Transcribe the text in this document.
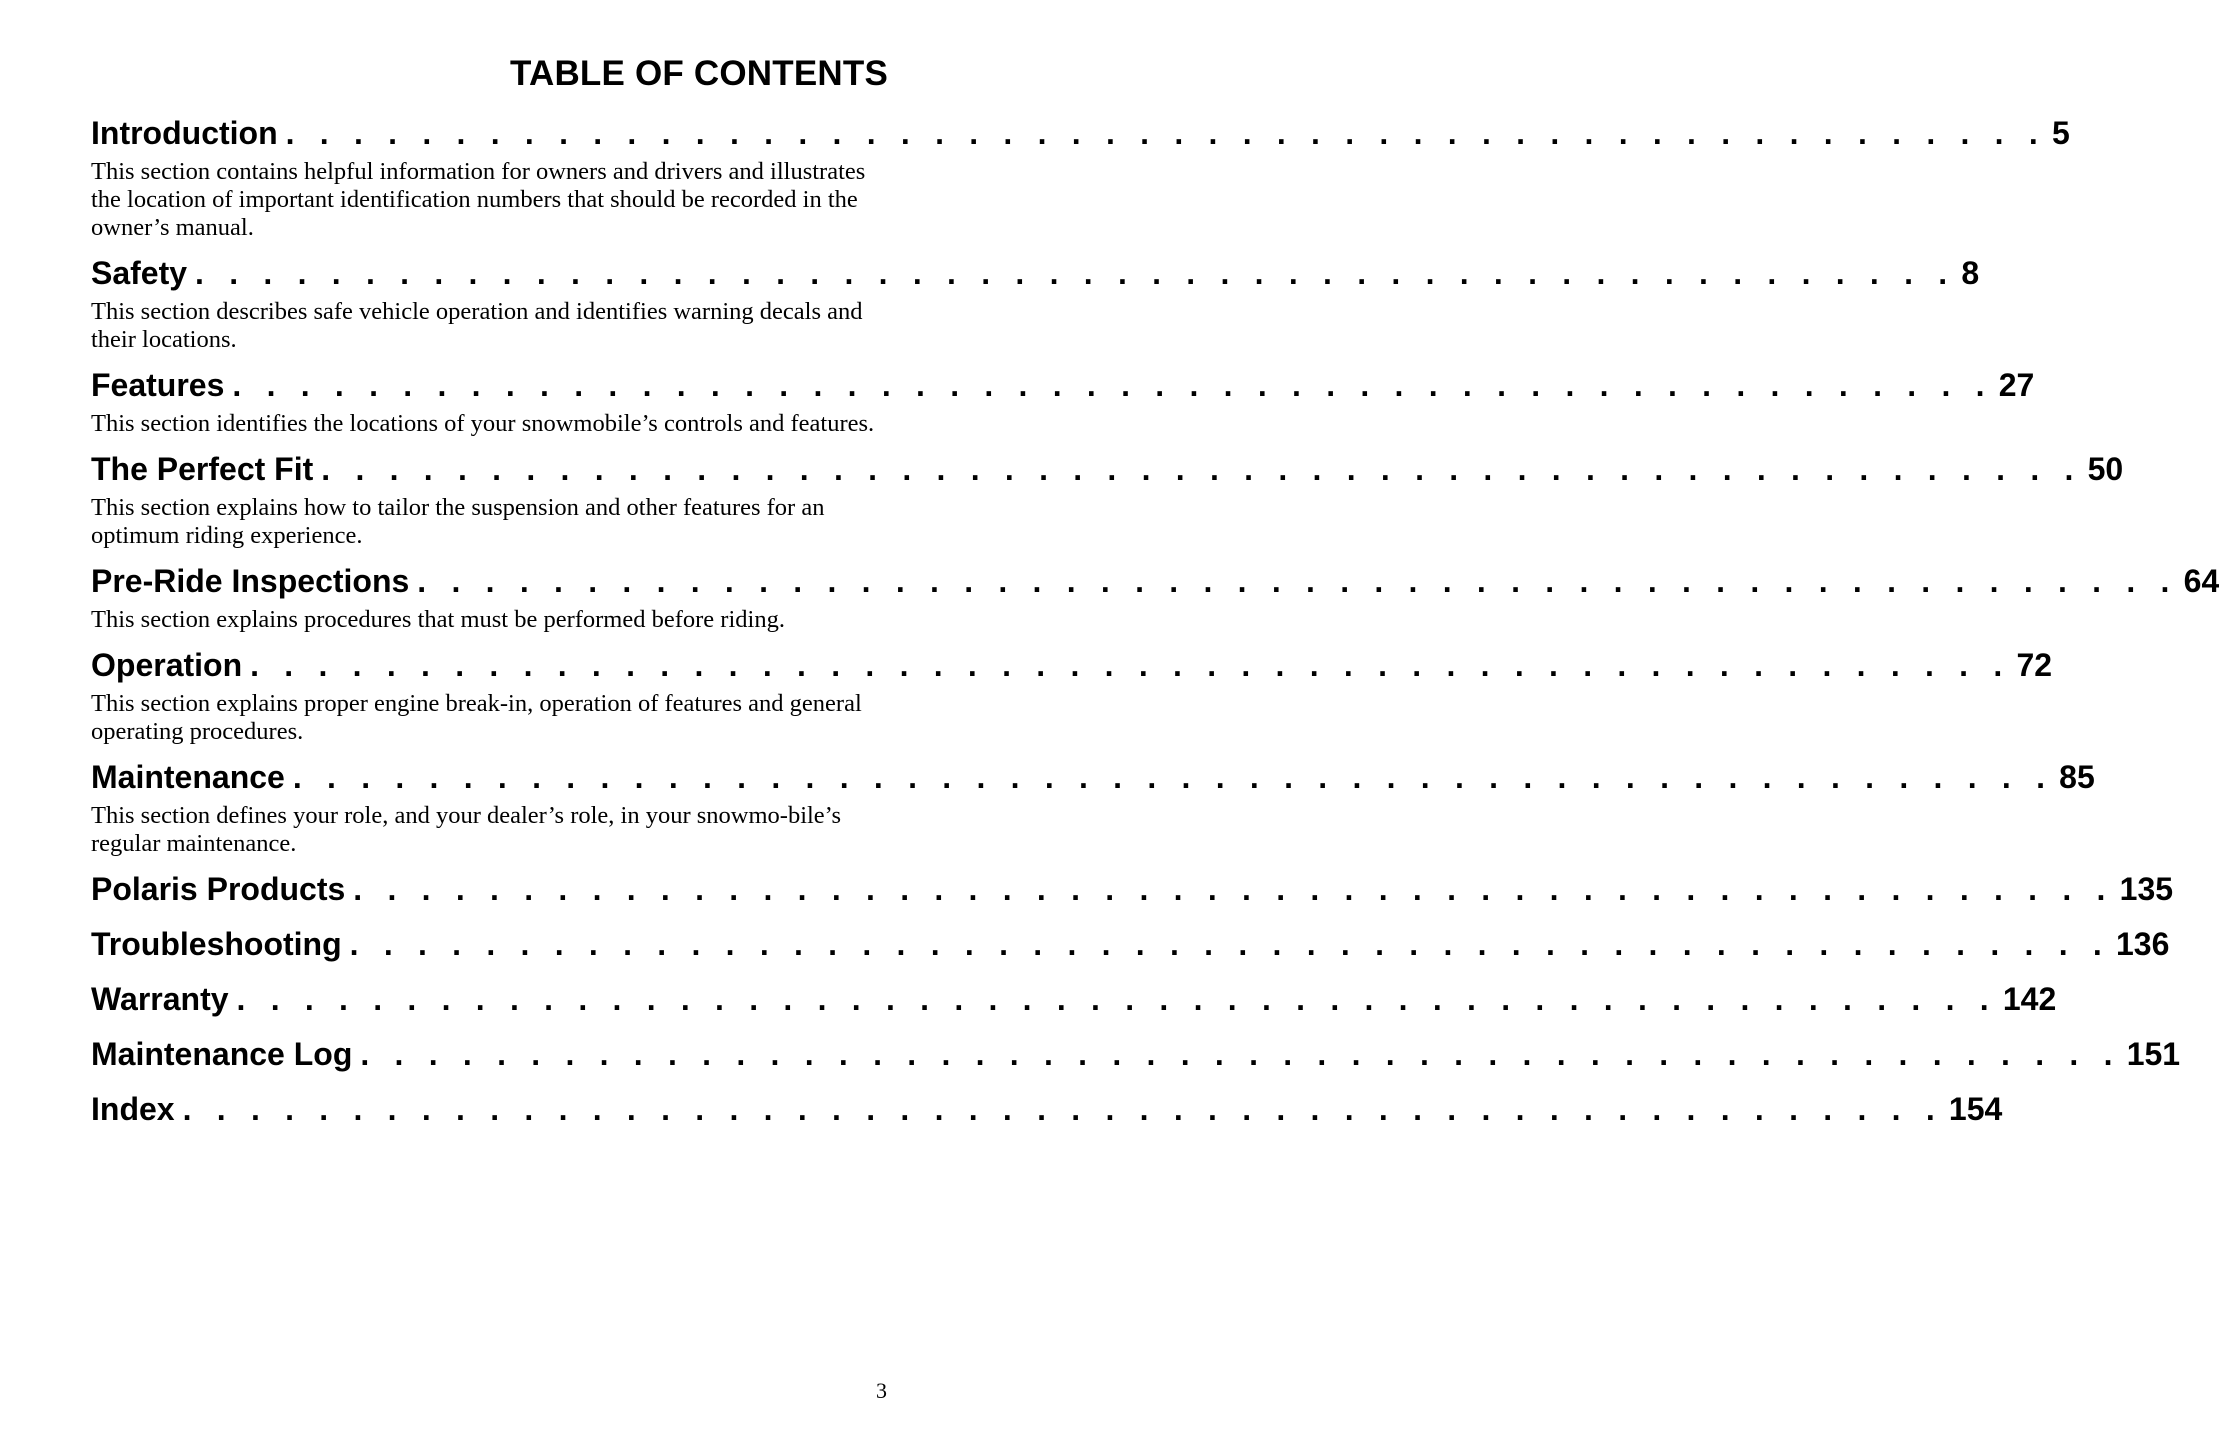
TABLE OF CONTENTS
Introduction . . . . . . . . . . . . . . . . . . . . . . . . . . . . . . . . . . . . . . . . . . . . . . . . . . . . 5

This section contains helpful information for owners and drivers and illustrates the location of important identification numbers that should be recorded in the owner’s manual.

Safety . . . . . . . . . . . . . . . . . . . . . . . . . . . . . . . . . . . . . . . . . . . . . . . . . . . . 8

This section describes safe vehicle operation and identifies warning decals and their locations.

Features . . . . . . . . . . . . . . . . . . . . . . . . . . . . . . . . . . . . . . . . . . . . . . . . . . . . 27

This section identifies the locations of your snowmobile’s controls and features.

The Perfect Fit . . . . . . . . . . . . . . . . . . . . . . . . . . . . . . . . . . . . . . . . . . . . . . . . . . . . 50

This section explains how to tailor the suspension and other features for an optimum riding experience.

Pre-Ride Inspections . . . . . . . . . . . . . . . . . . . . . . . . . . . . . . . . . . . . . . . . . . . . . . . . . . . . 64

This section explains procedures that must be performed before riding.

Operation . . . . . . . . . . . . . . . . . . . . . . . . . . . . . . . . . . . . . . . . . . . . . . . . . . . . 72

This section explains proper engine break-in, operation of features and general operating procedures.

Maintenance . . . . . . . . . . . . . . . . . . . . . . . . . . . . . . . . . . . . . . . . . . . . . . . . . . . . 85

This section defines your role, and your dealer’s role, in your snowmo-bile’s regular maintenance.

Polaris Products . . . . . . . . . . . . . . . . . . . . . . . . . . . . . . . . . . . . . . . . . . . . . . . . . . . . 135
Troubleshooting . . . . . . . . . . . . . . . . . . . . . . . . . . . . . . . . . . . . . . . . . . . . . . . . . . . . 136
Warranty . . . . . . . . . . . . . . . . . . . . . . . . . . . . . . . . . . . . . . . . . . . . . . . . . . . . 142
Maintenance Log . . . . . . . . . . . . . . . . . . . . . . . . . . . . . . . . . . . . . . . . . . . . . . . . . . . . 151
Index . . . . . . . . . . . . . . . . . . . . . . . . . . . . . . . . . . . . . . . . . . . . . . . . . . . . 154
3
